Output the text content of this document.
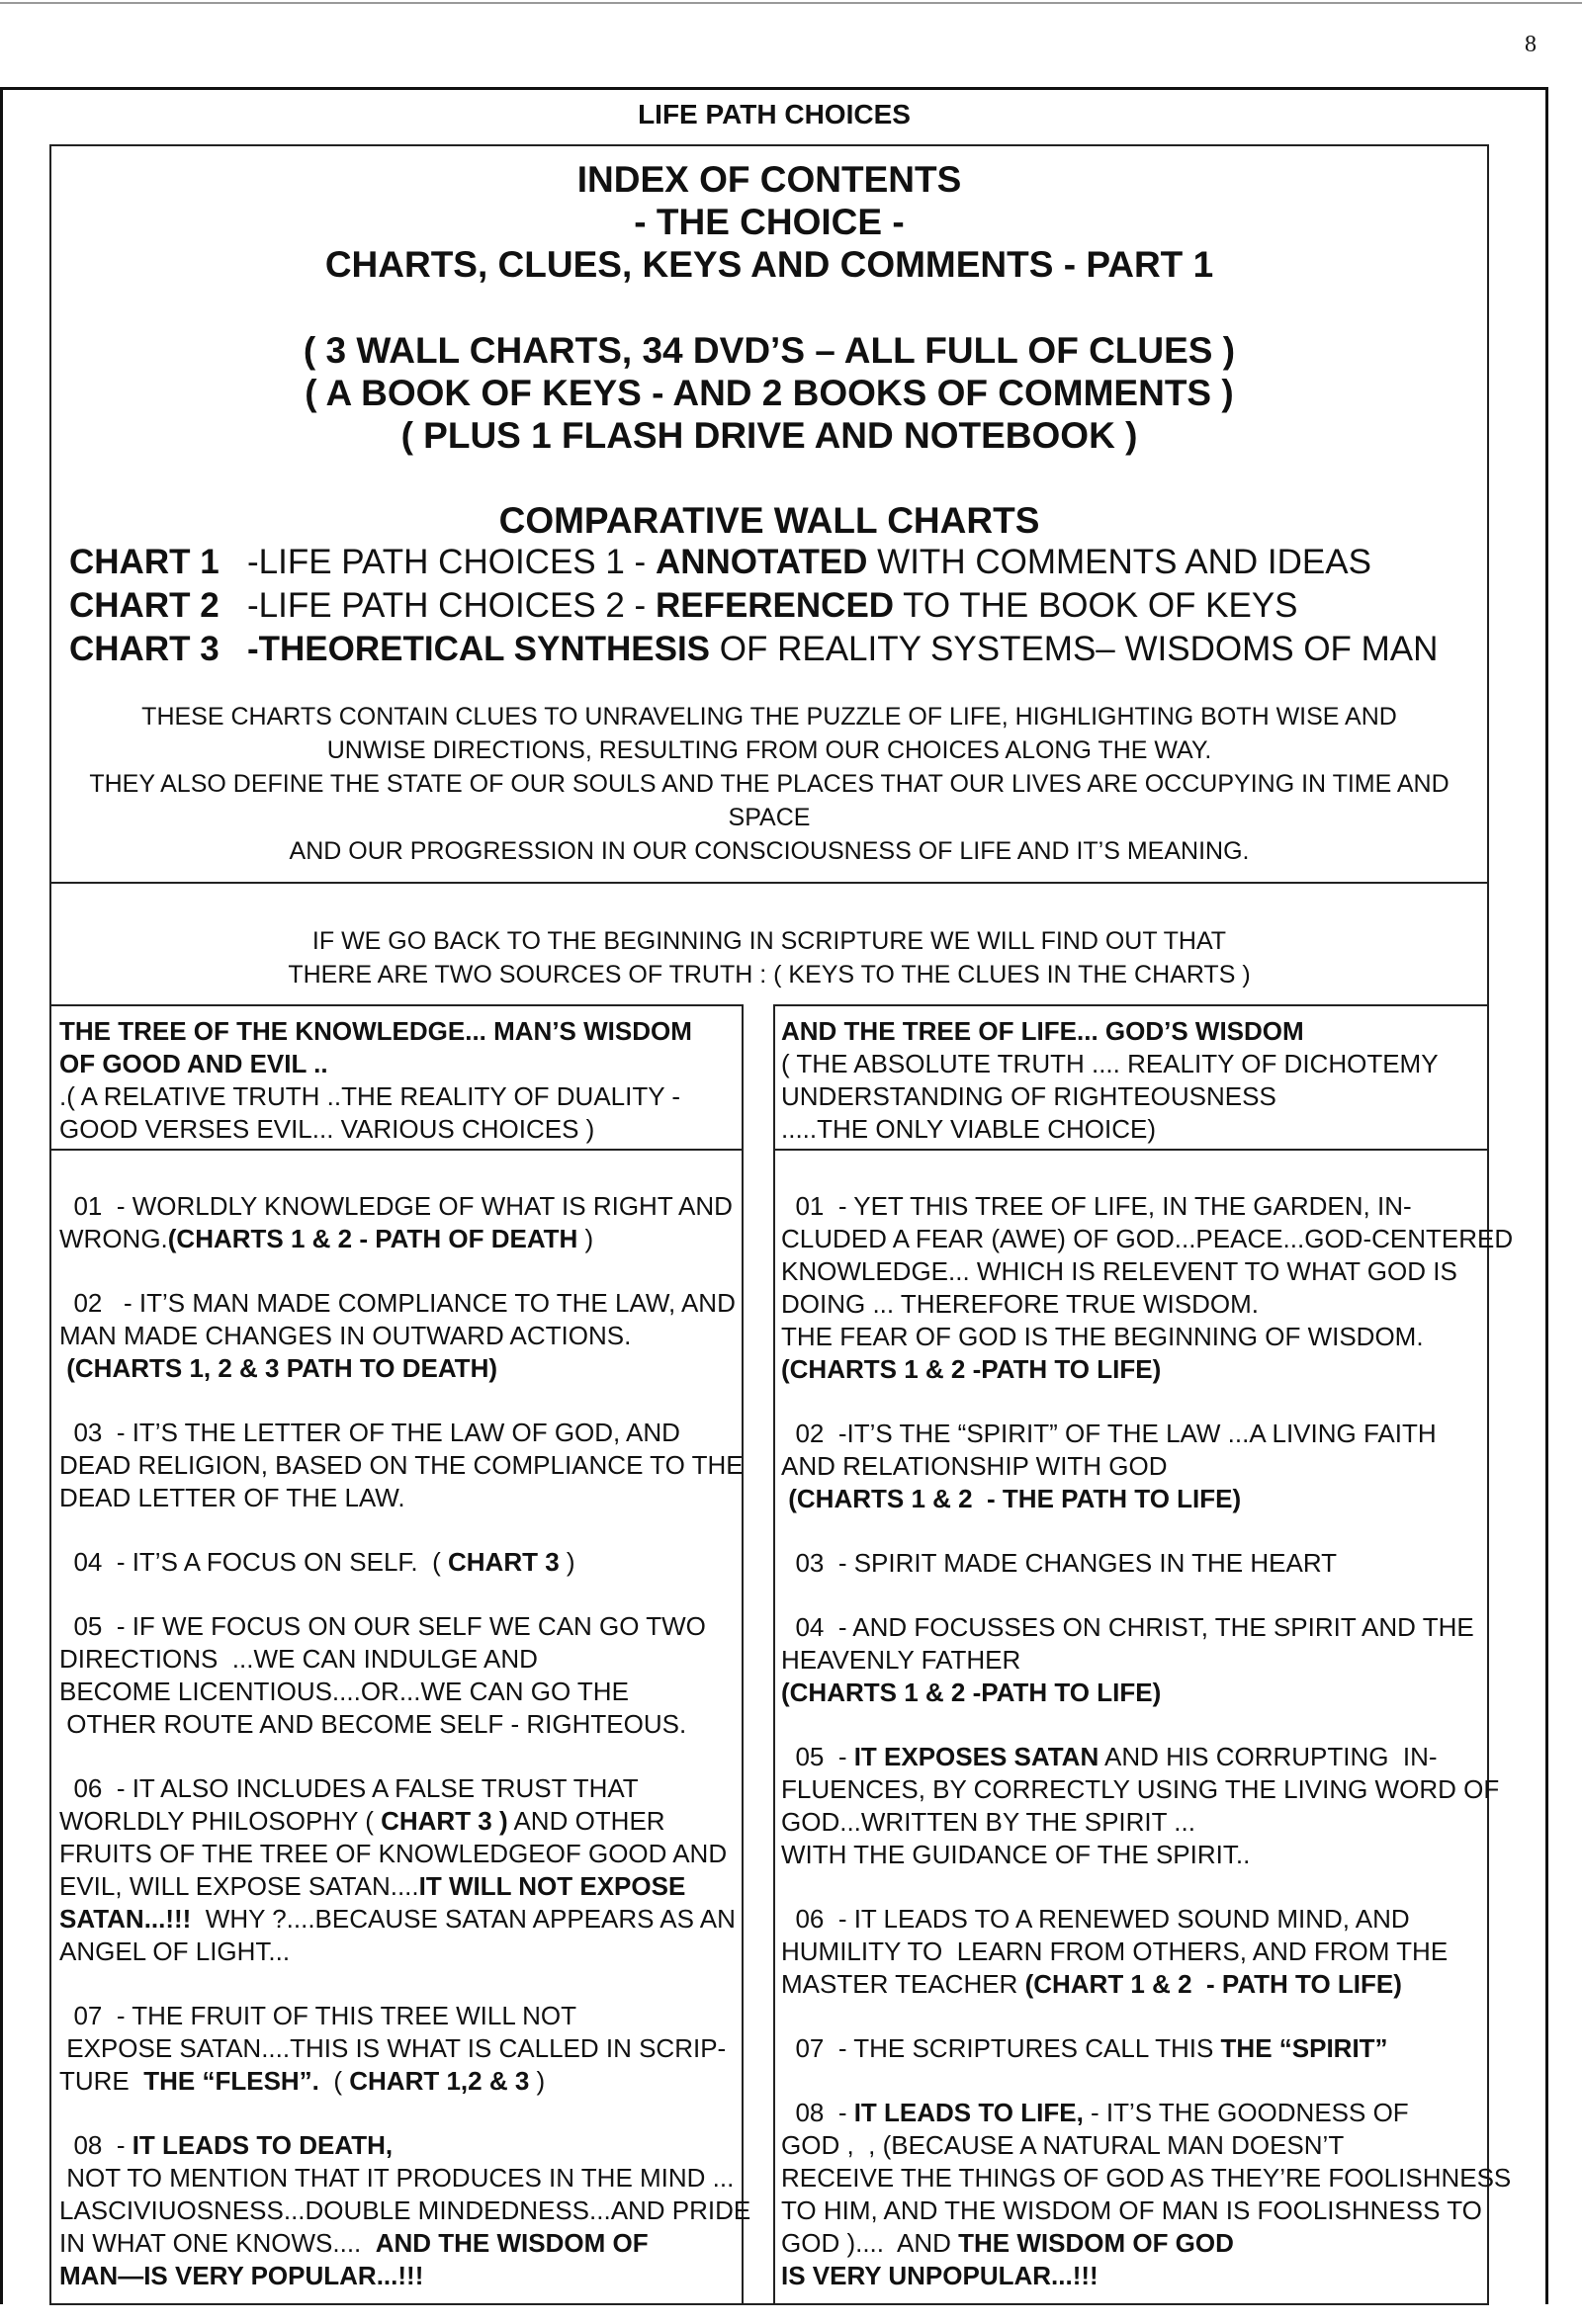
8
LIFE PATH CHOICES
INDEX OF CONTENTS
- THE CHOICE -
CHARTS, CLUES, KEYS AND COMMENTS - PART 1
( 3 WALL CHARTS, 34 DVD’S – ALL FULL OF CLUES )
( A BOOK OF KEYS - AND 2 BOOKS OF COMMENTS )
( PLUS 1 FLASH DRIVE AND NOTEBOOK )
COMPARATIVE WALL CHARTS
CHART 1 -LIFE PATH CHOICES 1 - ANNOTATED WITH COMMENTS AND IDEAS
CHART 2 -LIFE PATH CHOICES 2 - REFERENCED TO THE BOOK OF KEYS
CHART 3 -THEORETICAL SYNTHESIS OF REALITY SYSTEMS– WISDOMS OF MAN
THESE CHARTS CONTAIN CLUES TO UNRAVELING THE PUZZLE OF LIFE, HIGHLIGHTING BOTH WISE AND
UNWISE DIRECTIONS, RESULTING FROM OUR CHOICES ALONG THE WAY.
THEY ALSO DEFINE THE STATE OF OUR SOULS AND THE PLACES THAT OUR LIVES ARE OCCUPYING IN TIME AND SPACE
AND OUR PROGRESSION IN OUR CONSCIOUSNESS OF LIFE AND IT’S MEANING.
IF WE GO BACK TO THE BEGINNING IN SCRIPTURE WE WILL FIND OUT THAT
THERE ARE TWO SOURCES OF TRUTH : ( KEYS TO THE CLUES IN THE CHARTS )
THE TREE OF THE KNOWLEDGE... MAN’S WISDOM
OF GOOD AND EVIL ..
.( A RELATIVE TRUTH ..THE REALITY OF DUALITY -
GOOD VERSES EVIL... VARIOUS CHOICES )
AND THE TREE OF LIFE... GOD’S WISDOM
( THE ABSOLUTE TRUTH .... REALITY OF DICHOTEMY
UNDERSTANDING OF RIGHTEOUSNESS
.....THE ONLY VIABLE CHOICE)

01  - WORLDLY KNOWLEDGE OF WHAT IS RIGHT AND
WRONG.(CHARTS 1 & 2 - PATH OF DEATH )

02   - IT’S MAN MADE COMPLIANCE TO THE LAW, AND
MAN MADE CHANGES IN OUTWARD ACTIONS.
(CHARTS 1, 2 & 3 PATH TO DEATH)

03  - IT’S THE LETTER OF THE LAW OF GOD, AND
DEAD RELIGION, BASED ON THE COMPLIANCE TO THE
DEAD LETTER OF THE LAW.

04  - IT’S A FOCUS ON SELF.  ( CHART 3 )

05  - IF WE FOCUS ON OUR SELF WE CAN GO TWO
DIRECTIONS  ...WE CAN INDULGE AND
BECOME LICENTIOUS....OR...WE CAN GO THE
OTHER ROUTE AND BECOME SELF - RIGHTEOUS.

06  - IT ALSO INCLUDES A FALSE TRUST THAT
WORLDLY PHILOSOPHY ( CHART 3 ) AND OTHER
FRUITS OF THE TREE OF KNOWLEDGEOF GOOD AND
EVIL, WILL EXPOSE SATAN....IT WILL NOT EXPOSE
SATAN...!!!  WHY ?....BECAUSE SATAN APPEARS AS AN
ANGEL OF LIGHT...

07  - THE FRUIT OF THIS TREE WILL NOT
EXPOSE SATAN....THIS IS WHAT IS CALLED IN SCRIP-
TURE  THE “FLESH”.  ( CHART 1,2 & 3 )

08  - IT LEADS TO DEATH,
NOT TO MENTION THAT IT PRODUCES IN THE MIND ...
LASCIVIUOSNESS...DOUBLE MINDEDNESS...AND PRIDE
IN WHAT ONE KNOWS....  AND THE WISDOM OF
MAN—IS VERY POPULAR...!!!

01  - YET THIS TREE OF LIFE, IN THE GARDEN, IN-
CLUDED A FEAR (AWE) OF GOD...PEACE...GOD-CENTERED
KNOWLEDGE... WHICH IS RELEVENT TO WHAT GOD IS
DOING ... THEREFORE TRUE WISDOM.
THE FEAR OF GOD IS THE BEGINNING OF WISDOM.
(CHARTS 1 & 2 -PATH TO LIFE)

02  -IT’S THE “SPIRIT” OF THE LAW ...A LIVING FAITH
AND RELATIONSHIP WITH GOD
(CHARTS 1 & 2  - THE PATH TO LIFE)

03  - SPIRIT MADE CHANGES IN THE HEART

04  - AND FOCUSSES ON CHRIST, THE SPIRIT AND THE
HEAVENLY FATHER
(CHARTS 1 & 2 -PATH TO LIFE)

05  - IT EXPOSES SATAN AND HIS CORRUPTING  IN-
FLUENCES, BY CORRECTLY USING THE LIVING WORD OF
GOD...WRITTEN BY THE SPIRIT ...
WITH THE GUIDANCE OF THE SPIRIT..

06  - IT LEADS TO A RENEWED SOUND MIND, AND
HUMILITY TO  LEARN FROM OTHERS, AND FROM THE
MASTER TEACHER (CHART 1 & 2  - PATH TO LIFE)

07  - THE SCRIPTURES CALL THIS THE “SPIRIT”

08  - IT LEADS TO LIFE, - IT’S THE GOODNESS OF
GOD ,  , (BECAUSE A NATURAL MAN DOESN’T
RECEIVE THE THINGS OF GOD AS THEY’RE FOOLISHNESS
TO HIM, AND THE WISDOM OF MAN IS FOOLISHNESS TO
GOD )....  AND THE WISDOM OF GOD
IS VERY UNPOPULAR...!!!
